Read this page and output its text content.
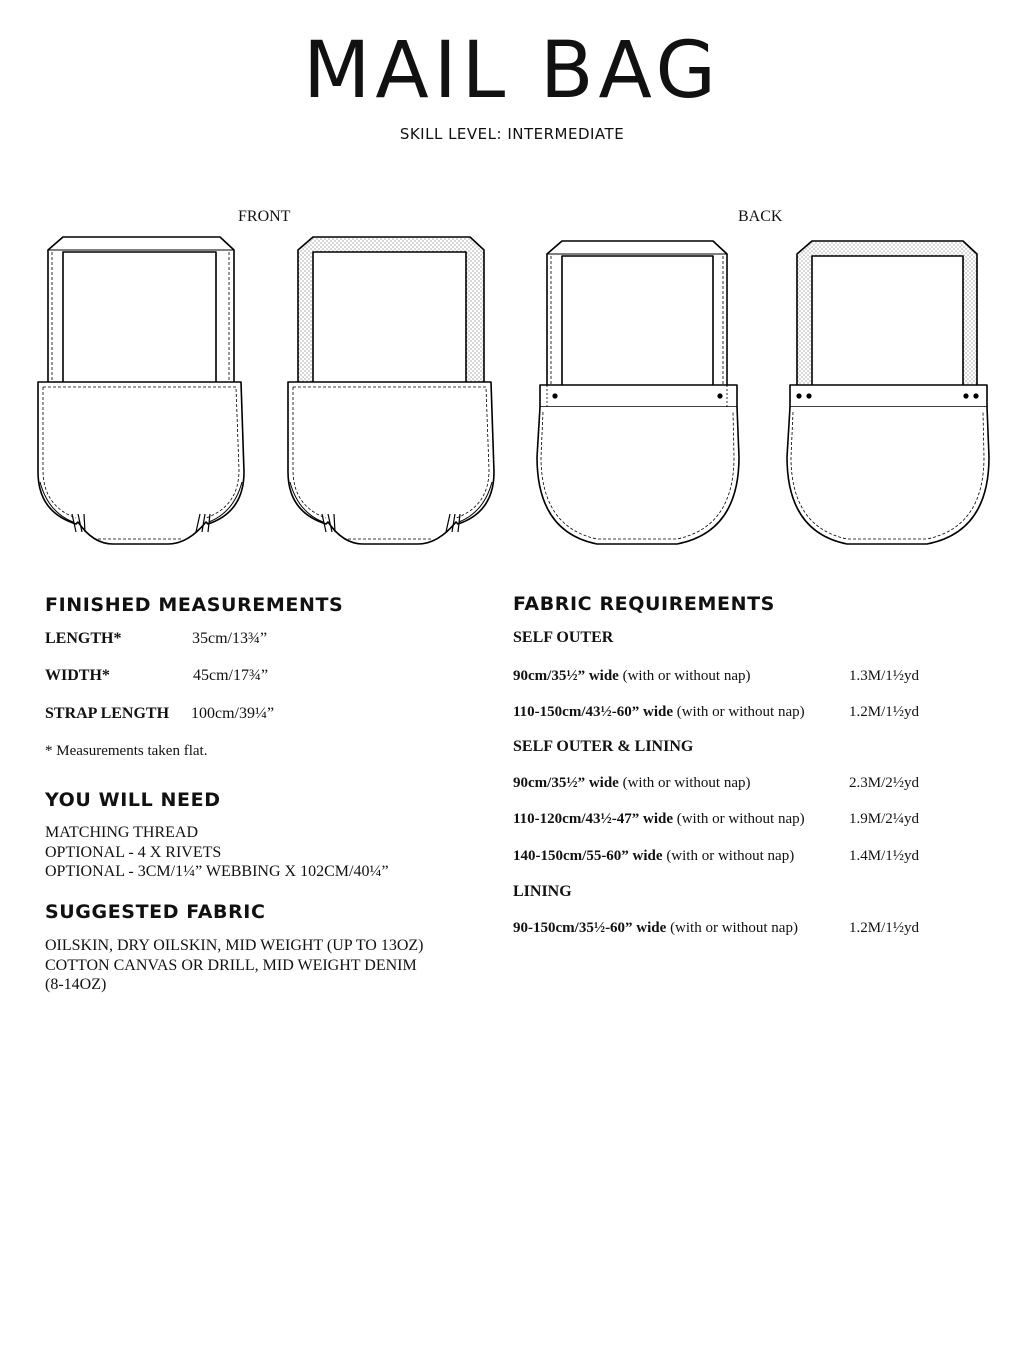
MAIL BAG
SKILL LEVEL: INTERMEDIATE
FRONT	BACK
FINISHED MEASUREMENTS
LENGTH*	35cm/13¾”
WIDTH*	45cm/17¾”
STRAP LENGTH 100cm/39¼”
* Measurements taken flat.
YOU WILL NEED
MATCHING THREAD
OPTIONAL - 4 X RIVETS
OPTIONAL - 3CM/1¼” WEBBING X 102CM/40¼”
SUGGESTED FABRIC
OILSKIN, DRY OILSKIN, MID WEIGHT (UP TO 13OZ) COTTON CANVAS OR DRILL, MID WEIGHT DENIM (8-14OZ)
FABRIC REQUIREMENTS
SELF OUTER
90cm/35½” wide (with or without nap)	1.3M/1½yd
110-150cm/43½-60” wide (with or without nap)	1.2M/1½yd
SELF OUTER & LINING
90cm/35½” wide (with or without nap)	2.3M/2½yd
110-120cm/43½-47” wide (with or without nap)	1.9M/2¼yd
140-150cm/55-60” wide (with or without nap)	1.4M/1½yd
LINING
90-150cm/35½-60” wide (with or without nap)	1.2M/1½yd
